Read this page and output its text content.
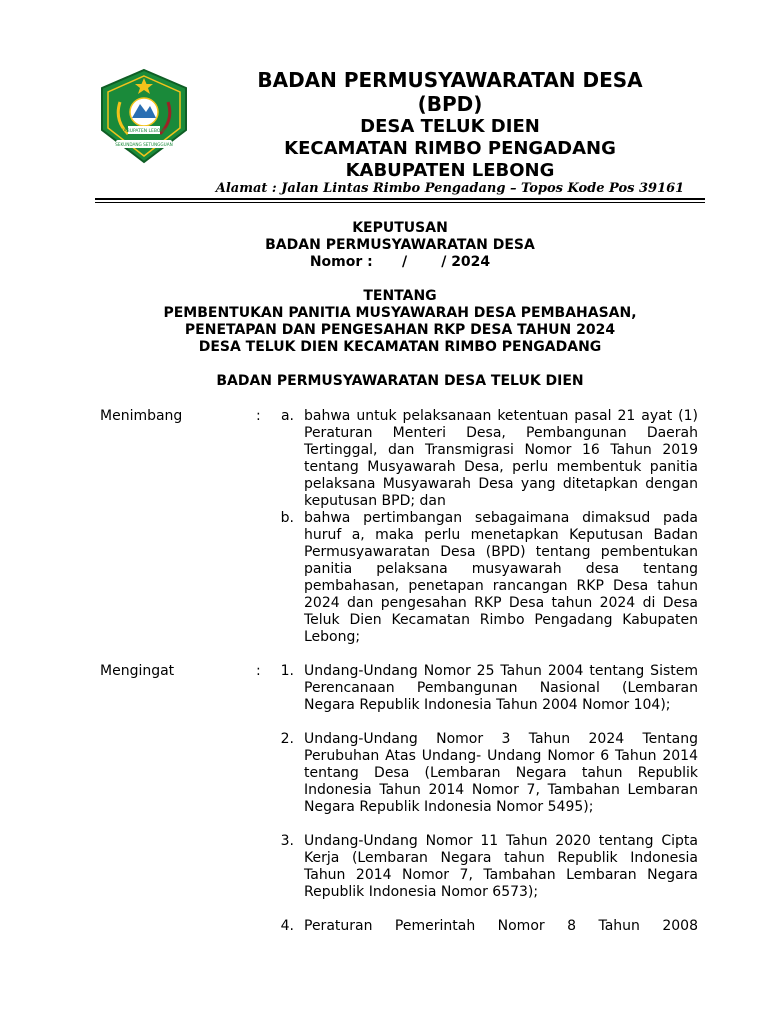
KABUPATEN LEBONG
SEKUNDANG SETUNGGUAN
BADAN PERMUSYAWARATAN DESA
(BPD)
DESA TELUK DIEN
KECAMATAN RIMBO PENGADANG
KABUPATEN LEBONG
Alamat : Jalan Lintas Rimbo Pengadang – Topos Kode Pos 39161
KEPUTUSAN
BADAN PERMUSYAWARATAN DESA
Nomor :      /       / 2024
TENTANG
PEMBENTUKAN PANITIA MUSYAWARAH DESA PEMBAHASAN,
PENETAPAN DAN PENGESAHAN RKP DESA TAHUN 2024
DESA TELUK DIEN KECAMATAN RIMBO PENGADANG
BADAN PERMUSYAWARATAN DESA TELUK DIEN
Menimbang	:	a. bahwa untuk pelaksanaan ketentuan pasal 21 ayat (1) Peraturan Menteri Desa, Pembangunan Daerah Tertinggal, dan Transmigrasi Nomor 16 Tahun 2019 tentang Musyawarah Desa, perlu membentuk panitia pelaksana Musyawarah Desa yang ditetapkan dengan keputusan BPD; dan
b. bahwa pertimbangan sebagaimana dimaksud pada huruf a, maka perlu menetapkan Keputusan Badan Permusyawaratan Desa (BPD) tentang pembentukan panitia pelaksana musyawarah desa tentang pembahasan, penetapan rancangan RKP Desa tahun 2024 dan pengesahan RKP Desa tahun 2024 di Desa Teluk Dien Kecamatan Rimbo Pengadang Kabupaten Lebong;
Mengingat	:	1. Undang-Undang Nomor 25 Tahun 2004 tentang Sistem Perencanaan Pembangunan Nasional (Lembaran Negara Republik Indonesia Tahun 2004 Nomor 104);
2. Undang-Undang Nomor 3 Tahun 2024 Tentang Perubuhan Atas Undang- Undang Nomor 6 Tahun 2014 tentang Desa (Lembaran Negara tahun Republik Indonesia Tahun 2014 Nomor 7, Tambahan Lembaran Negara Republik Indonesia Nomor 5495);
3. Undang-Undang Nomor 11 Tahun 2020 tentang Cipta Kerja (Lembaran Negara tahun Republik Indonesia Tahun 2014 Nomor 7, Tambahan Lembaran Negara Republik Indonesia Nomor 6573);
4. Peraturan Pemerintah Nomor 8 Tahun 2008
